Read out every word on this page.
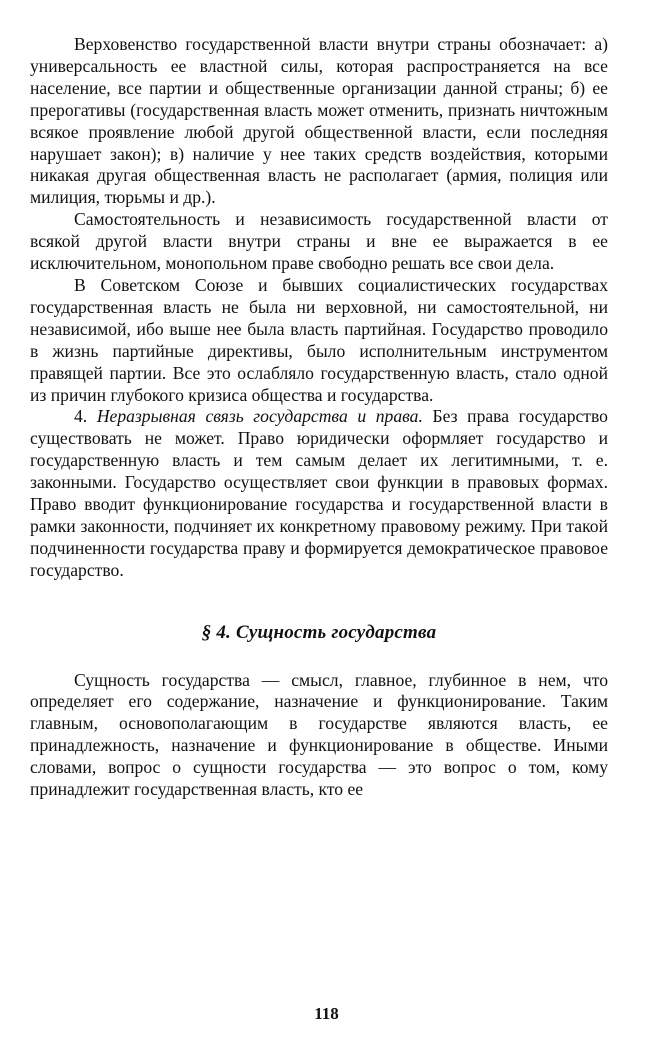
Верховенство государственной власти внутри страны обозначает: а) универсальность ее властной силы, которая распространяется на все население, все партии и общественные организации данной страны; б) ее прерогативы (государственная власть может отменить, признать ничтожным всякое проявление любой другой общественной власти, если последняя нарушает закон); в) наличие у нее таких средств воздействия, которыми никакая другая общественная власть не располагает (армия, полиция или милиция, тюрьмы и др.).

Самостоятельность и независимость государственной власти от всякой другой власти внутри страны и вне ее выражается в ее исключительном, монопольном праве свободно решать все свои дела.

В Советском Союзе и бывших социалистических государствах государственная власть не была ни верховной, ни самостоятельной, ни независимой, ибо выше нее была власть партийная. Государство проводило в жизнь партийные директивы, было исполнительным инструментом правящей партии. Все это ослабляло государственную власть, стало одной из причин глубокого кризиса общества и государства.

4. Неразрывная связь государства и права. Без права государство существовать не может. Право юридически оформляет государство и государственную власть и тем самым делает их легитимными, т. е. законными. Государство осуществляет свои функции в правовых формах. Право вводит функционирование государства и государственной власти в рамки законности, подчиняет их конкретному правовому режиму. При такой подчиненности государства праву и формируется демократическое правовое государство.

§ 4. Сущность государства

Сущность государства — смысл, главное, глубинное в нем, что определяет его содержание, назначение и функционирование. Таким главным, основополагающим в государстве являются власть, ее принадлежность, назначение и функционирование в обществе. Иными словами, вопрос о сущности государства — это вопрос о том, кому принадлежит государственная власть, кто ее

118
